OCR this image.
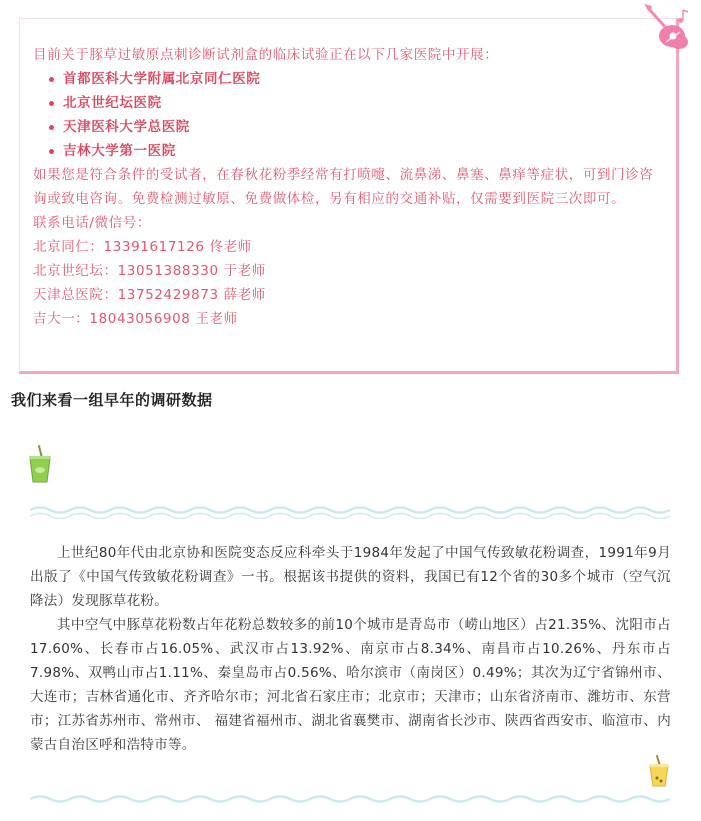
目前关于豚草过敏原点刺诊断试剂盒的临床试验正在以下几家医院中开展：

首都医科大学附属北京同仁医院
北京世纪坛医院
天津医科大学总医院
吉林大学第一医院

如果您是符合条件的受试者，在春秋花粉季经常有打喷嚏、流鼻涕、鼻塞、鼻痒等症状，可到门诊咨询或致电咨询。免费检测过敏原、免费做体检，另有相应的交通补贴，仅需要到医院三次即可。

联系电话/微信号：

北京同仁：13391617126 佟老师

北京世纪坛：13051388330 于老师

天津总医院：13752429873 薛老师

吉大一：18043056908 王老师

我们来看一组早年的调研数据

上世纪80年代由北京协和医院变态反应科牵头于1984年发起了中国气传致敏花粉调查，1991年9月出版了《中国气传致敏花粉调查》一书。根据该书提供的资料，我国已有12个省的30多个城市（空气沉降法）发现豚草花粉。

其中空气中豚草花粉数占年花粉总数较多的前10个城市是青岛市（崂山地区）占21.35%、沈阳市占17.60%、长春市占16.05%、武汉市占13.92%、南京市占8.34%、南昌市占10.26%、丹东市占7.98%、双鸭山市占1.11%、秦皇岛市占0.56%、哈尔滨市（南岗区）0.49%；其次为辽宁省锦州市、大连市；吉林省通化市、齐齐哈尔市；河北省石家庄市；北京市；天津市；山东省济南市、潍坊市、东营市；江苏省苏州市、常州市、 福建省福州市、湖北省襄樊市、湖南省长沙市、陕西省西安市、临渲市、内蒙古自治区呼和浩特市等。
